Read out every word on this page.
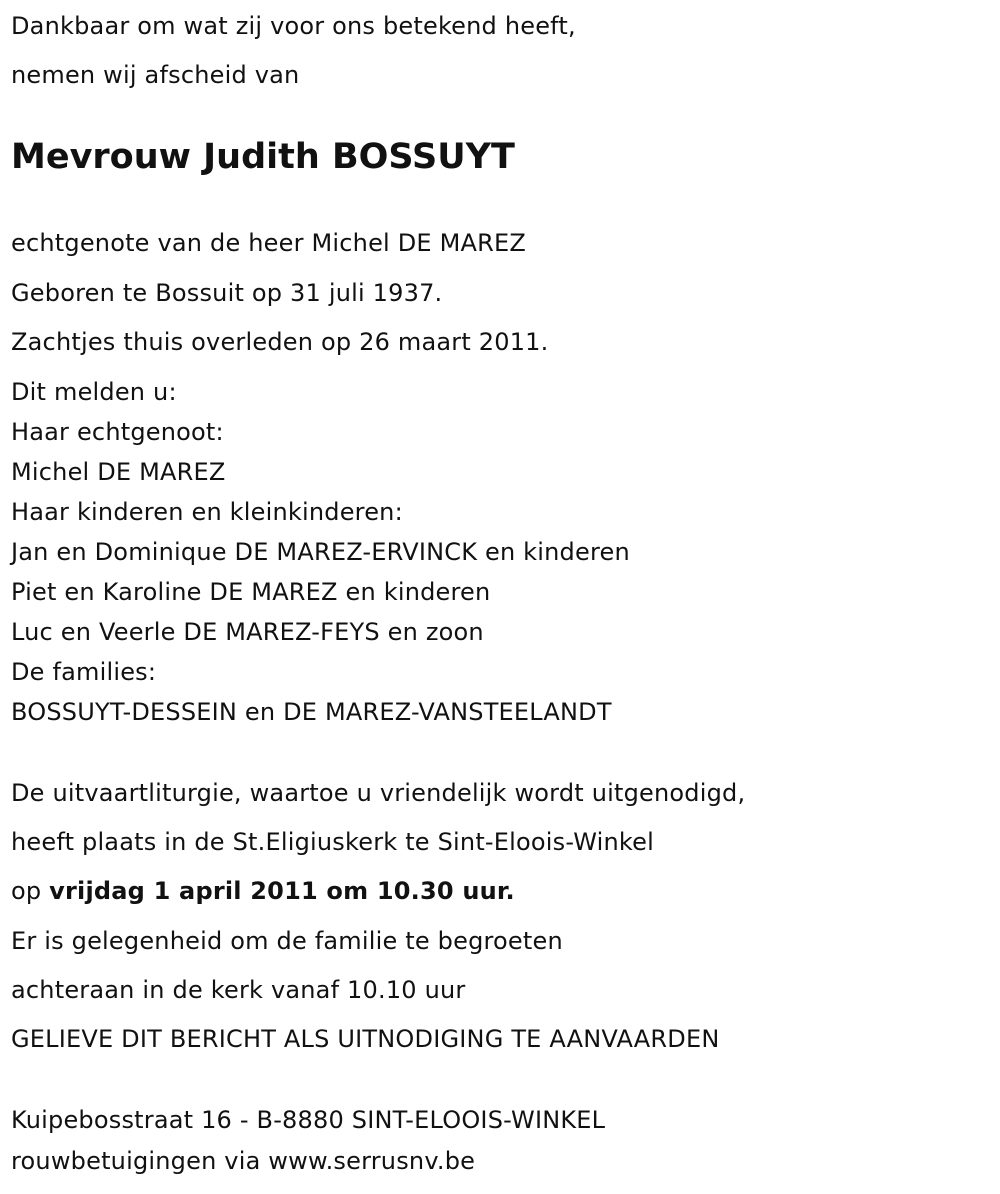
Dankbaar om wat zij voor ons betekend heeft,
nemen wij afscheid van
Mevrouw Judith BOSSUYT
echtgenote van de heer Michel DE MAREZ
Geboren te Bossuit op 31 juli 1937.
Zachtjes thuis overleden op 26 maart 2011.
Dit melden u:
Haar echtgenoot:
Michel DE MAREZ
Haar kinderen en kleinkinderen:
Jan en Dominique DE MAREZ-ERVINCK en kinderen
Piet en Karoline DE MAREZ en kinderen
Luc en Veerle DE MAREZ-FEYS en zoon
De families:
BOSSUYT-DESSEIN en DE MAREZ-VANSTEELANDT
De uitvaartliturgie, waartoe u vriendelijk wordt uitgenodigd,
heeft plaats in de St.Eligiuskerk te Sint-Eloois-Winkel
op vrijdag 1 april 2011 om 10.30 uur.
Er is gelegenheid om de familie te begroeten
achteraan in de kerk vanaf 10.10 uur
GELIEVE DIT BERICHT ALS UITNODIGING TE AANVAARDEN
Kuipebosstraat 16 - B-8880 SINT-ELOOIS-WINKEL
rouwbetuigingen via www.serrusnv.be
